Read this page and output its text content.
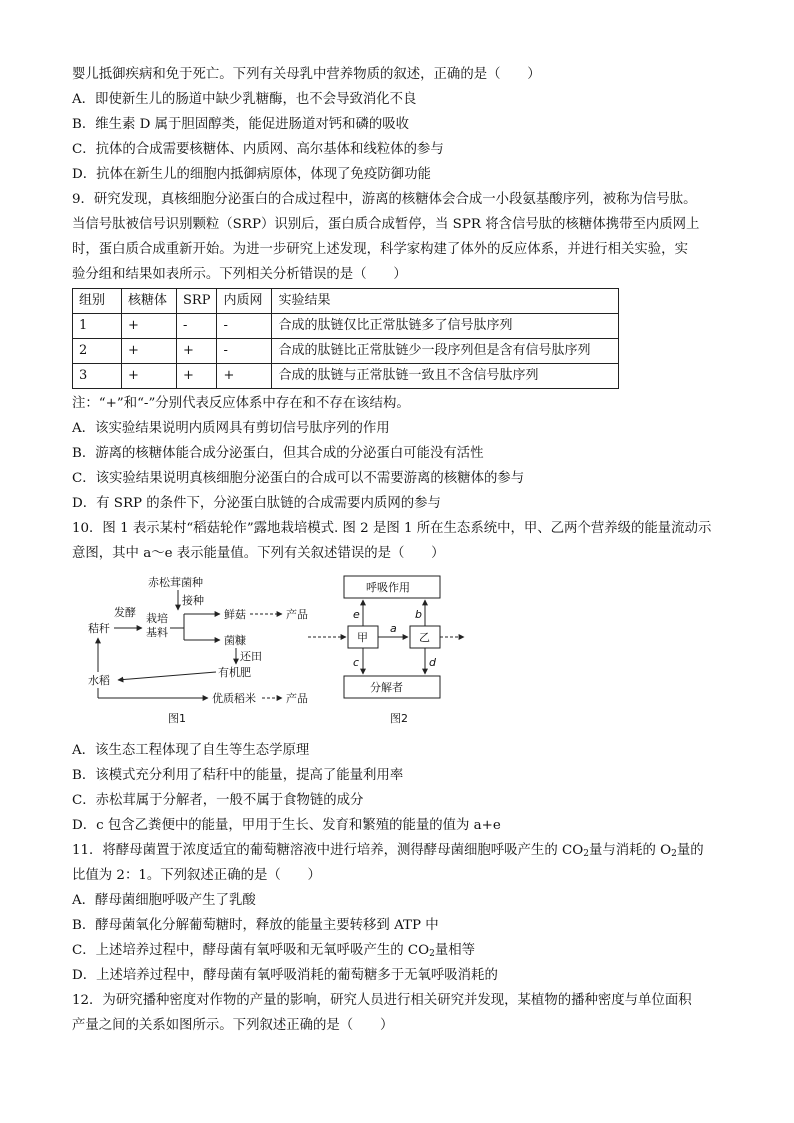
婴儿抵御疾病和免于死亡。下列有关母乳中营养物质的叙述，正确的是（　　）
A．即使新生儿的肠道中缺少乳糖酶，也不会导致消化不良
B．维生素 D 属于胆固醇类，能促进肠道对钙和磷的吸收
C．抗体的合成需要核糖体、内质网、高尔基体和线粒体的参与
D．抗体在新生儿的细胞内抵御病原体，体现了免疫防御功能
9．研究发现，真核细胞分泌蛋白的合成过程中，游离的核糖体会合成一小段氨基酸序列，被称为信号肽。
当信号肽被信号识别颗粒（SRP）识别后，蛋白质合成暂停，当 SPR 将含信号肽的核糖体携带至内质网上
时，蛋白质合成重新开始。为进一步研究上述发现，科学家构建了体外的反应体系，并进行相关实验，实
验分组和结果如表所示。下列相关分析错误的是（　　）
组别	核糖体	SRP	内质网	实验结果
1	+	-	-	合成的肽链仅比正常肽链多了信号肽序列
2	+	+	-	合成的肽链比正常肽链少一段序列但是含有信号肽序列
3	+	+	+	合成的肽链与正常肽链一致且不含信号肽序列
注：“+”和“-”分别代表反应体系中存在和不存在该结构。
A．该实验结果说明内质网具有剪切信号肽序列的作用
B．游离的核糖体能合成分泌蛋白，但其合成的分泌蛋白可能没有活性
C．该实验结果说明真核细胞分泌蛋白的合成可以不需要游离的核糖体的参与
D．有 SRP 的条件下，分泌蛋白肽链的合成需要内质网的参与
10．图 1 表示某村“稻菇轮作”露地栽培模式. 图 2 是图 1 所在生态系统中，甲、乙两个营养级的能量流动示
意图，其中 a～e 表示能量值。下列有关叙述错误的是（　　）
赤松茸菌种
接种
发酵 栽培
基料
秸秆
鲜菇	产品
菌糠
还田
有机肥
水稻
优质稻米	产品
图1
呼吸作用
甲	乙
分解者
a
e	b
c	d
图2
A．该生态工程体现了自生等生态学原理
B．该模式充分利用了秸秆中的能量，提高了能量利用率
C．赤松茸属于分解者，一般不属于食物链的成分
D．c 包含乙粪便中的能量，甲用于生长、发育和繁殖的能量的值为 a+e
11．将酵母菌置于浓度适宜的葡萄糖溶液中进行培养，测得酵母菌细胞呼吸产生的 $CO_2$量与消耗的 $O_2$量的
比值为 2：1。下列叙述正确的是（　　）
A．酵母菌细胞呼吸产生了乳酸
B．酵母菌氧化分解葡萄糖时，释放的能量主要转移到 ATP 中
C．上述培养过程中，酵母菌有氧呼吸和无氧呼吸产生的 $CO_2$量相等
D．上述培养过程中，酵母菌有氧呼吸消耗的葡萄糖多于无氧呼吸消耗的
12．为研究播种密度对作物的产量的影响，研究人员进行相关研究并发现，某植物的播种密度与单位面积
产量之间的关系如图所示。下列叙述正确的是（　　）
